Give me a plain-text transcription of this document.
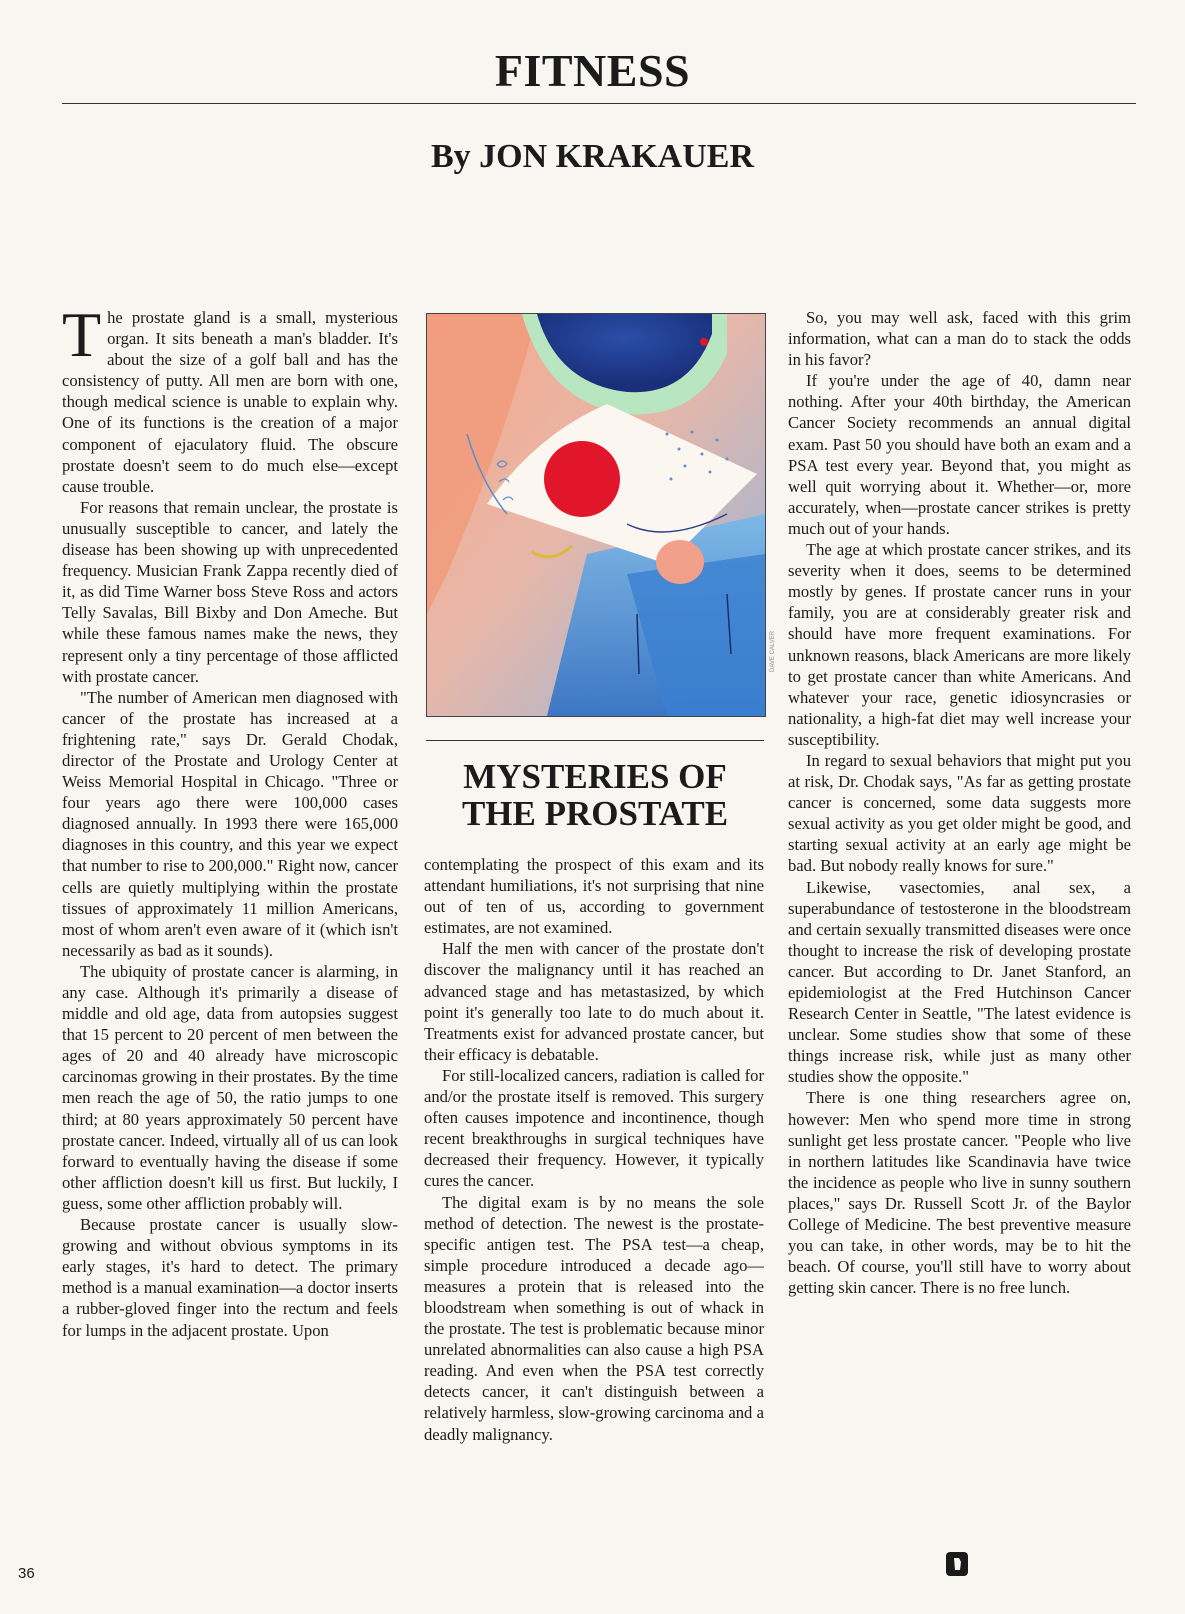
FITNESS
By JON KRAKAUER

The prostate gland is a small, mysterious organ. It sits beneath a man's bladder. It's about the size of a golf ball and has the consistency of putty. All men are born with one, though medical science is unable to explain why. One of its functions is the creation of a major component of ejaculatory fluid. The obscure prostate doesn't seem to do much else—except cause trouble.

For reasons that remain unclear, the prostate is unusually susceptible to cancer, and lately the disease has been showing up with unprecedented frequency. Musician Frank Zappa recently died of it, as did Time Warner boss Steve Ross and actors Telly Savalas, Bill Bixby and Don Ameche. But while these famous names make the news, they represent only a tiny percentage of those afflicted with prostate cancer.

"The number of American men diagnosed with cancer of the prostate has increased at a frightening rate," says Dr. Gerald Chodak, director of the Prostate and Urology Center at Weiss Memorial Hospital in Chicago. "Three or four years ago there were 100,000 cases diagnosed annually. In 1993 there were 165,000 diagnoses in this country, and this year we expect that number to rise to 200,000." Right now, cancer cells are quietly multiplying within the prostate tissues of approximately 11 million Americans, most of whom aren't even aware of it (which isn't necessarily as bad as it sounds).

The ubiquity of prostate cancer is alarming, in any case. Although it's primarily a disease of middle and old age, data from autopsies suggest that 15 percent to 20 percent of men between the ages of 20 and 40 already have microscopic carcinomas growing in their prostates. By the time men reach the age of 50, the ratio jumps to one third; at 80 years approximately 50 percent have prostate cancer. Indeed, virtually all of us can look forward to eventually having the disease if some other affliction doesn't kill us first. But luckily, I guess, some other affliction probably will.

Because prostate cancer is usually slow-growing and without obvious symptoms in its early stages, it's hard to detect. The primary method is a manual examination—a doctor inserts a rubber-gloved finger into the rectum and feels for lumps in the adjacent prostate. Upon

DAVE CALVER
MYSTERIES OF THE PROSTATE

contemplating the prospect of this exam and its attendant humiliations, it's not surprising that nine out of ten of us, according to government estimates, are not examined.

Half the men with cancer of the prostate don't discover the malignancy until it has reached an advanced stage and has metastasized, by which point it's generally too late to do much about it. Treatments exist for advanced prostate cancer, but their efficacy is debatable.

For still-localized cancers, radiation is called for and/or the prostate itself is removed. This surgery often causes impotence and incontinence, though recent breakthroughs in surgical techniques have decreased their frequency. However, it typically cures the cancer.

The digital exam is by no means the sole method of detection. The newest is the prostate-specific antigen test. The PSA test—a cheap, simple procedure introduced a decade ago—measures a protein that is released into the bloodstream when something is out of whack in the prostate. The test is problematic because minor unrelated abnormalities can also cause a high PSA reading. And even when the PSA test correctly detects cancer, it can't distinguish between a relatively harmless, slow-growing carcinoma and a deadly malignancy.

So, you may well ask, faced with this grim information, what can a man do to stack the odds in his favor?

If you're under the age of 40, damn near nothing. After your 40th birthday, the American Cancer Society recommends an annual digital exam. Past 50 you should have both an exam and a PSA test every year. Beyond that, you might as well quit worrying about it. Whether—or, more accurately, when—prostate cancer strikes is pretty much out of your hands.

The age at which prostate cancer strikes, and its severity when it does, seems to be determined mostly by genes. If prostate cancer runs in your family, you are at considerably greater risk and should have more frequent examinations. For unknown reasons, black Americans are more likely to get prostate cancer than white Americans. And whatever your race, genetic idiosyncrasies or nationality, a high-fat diet may well increase your susceptibility.

In regard to sexual behaviors that might put you at risk, Dr. Chodak says, "As far as getting prostate cancer is concerned, some data suggests more sexual activity as you get older might be good, and starting sexual activity at an early age might be bad. But nobody really knows for sure."

Likewise, vasectomies, anal sex, a superabundance of testosterone in the bloodstream and certain sexually transmitted diseases were once thought to increase the risk of developing prostate cancer. But according to Dr. Janet Stanford, an epidemiologist at the Fred Hutchinson Cancer Research Center in Seattle, "The latest evidence is unclear. Some studies show that some of these things increase risk, while just as many other studies show the opposite."

There is one thing researchers agree on, however: Men who spend more time in strong sunlight get less prostate cancer. "People who live in northern latitudes like Scandinavia have twice the incidence as people who live in sunny southern places," says Dr. Russell Scott Jr. of the Baylor College of Medicine. The best preventive measure you can take, in other words, may be to hit the beach. Of course, you'll still have to worry about getting skin cancer. There is no free lunch.

36
